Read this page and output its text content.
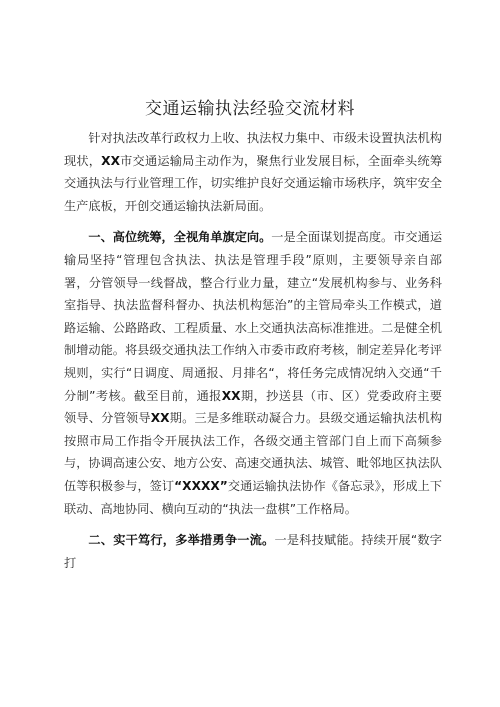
交通运输执法经验交流材料

针对执法改革行政权力上收、执法权力集中、市级未设置执法机构现状，XX市交通运输局主动作为，聚焦行业发展目标，全面牵头统筹交通执法与行业管理工作，切实维护良好交通运输市场秩序，筑牢安全生产底板，开创交通运输执法新局面。

一、高位统筹，全视角单旗定向。一是全面谋划提高度。市交通运输局坚持“管理包含执法、执法是管理手段”原则，主要领导亲自部署，分管领导一线督战，整合行业力量，建立“发展机构参与、业务科室指导、执法监督科督办、执法机构惩治”的主管局牵头工作模式，道路运输、公路路政、工程质量、水上交通执法高标准推进。二是健全机制增动能。将县级交通执法工作纳入市委市政府考核，制定差异化考评规则，实行“日调度、周通报、月排名“，将任务完成情况纳入交通“千分制”考核。截至目前，通报XX期，抄送县（市、区）党委政府主要领导、分管领导XX期。三是多维联动凝合力。县级交通运输执法机构按照市局工作指令开展执法工作，各级交通主管部门自上而下高频参与，协调高速公安、地方公安、高速交通执法、城管、毗邻地区执法队伍等积极参与，签订“XXXX”交通运输执法协作《备忘录》，形成上下联动、高地协同、横向互动的“执法一盘棋”工作格局。

二、实干笃行，多举措勇争一流。一是科技赋能。持续开展“数字打
